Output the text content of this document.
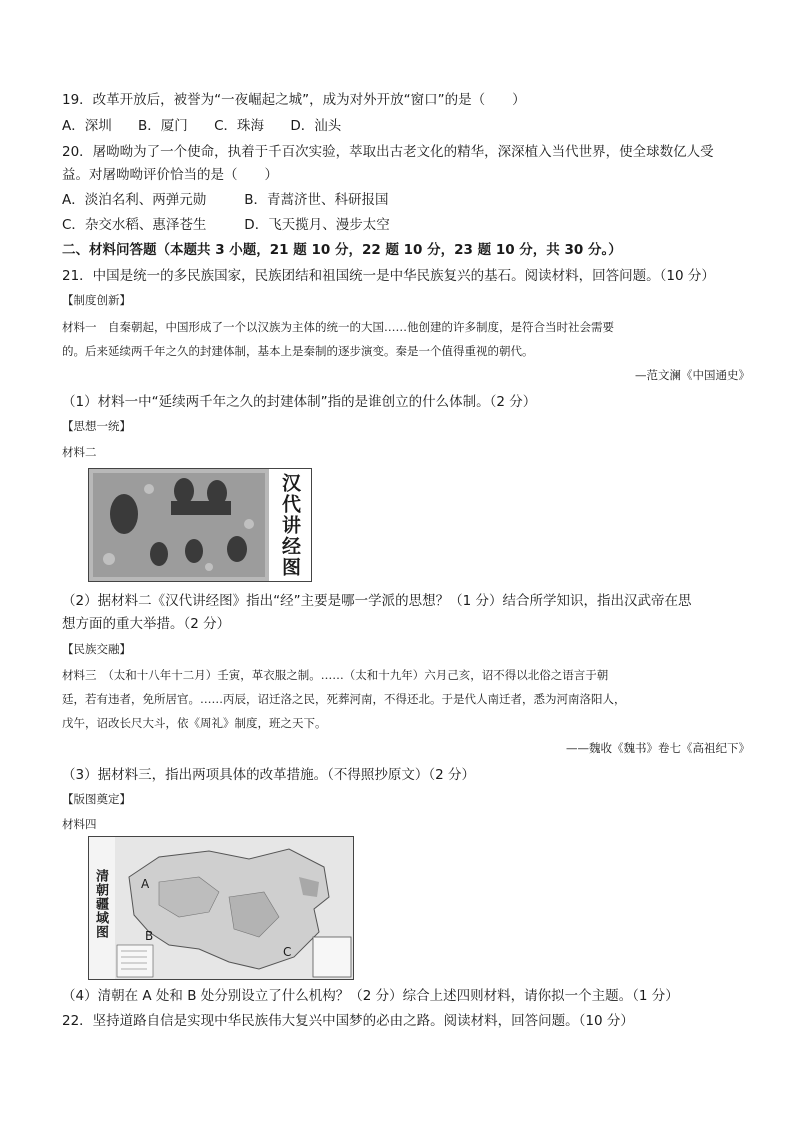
19．改革开放后，被誉为“一夜崛起之城”，成为对外开放“窗口”的是（　　）
A．深圳 B．厦门 C．珠海 D．汕头
20．屠呦呦为了一个使命，执着于千百次实验，萃取出古老文化的精华，深深植入当代世界，使全球数亿人受
益。对屠呦呦评价恰当的是（　　）
A．淡泊名利、两弹元勋	B．青蒿济世、科研报国
C．杂交水稻、惠泽苍生	D．飞天揽月、漫步太空
二、材料问答题（本题共 3 小题，21 题 10 分，22 题 10 分，23 题 10 分，共 30 分。）
21．中国是统一的多民族国家，民族团结和祖国统一是中华民族复兴的基石。阅读材料，回答问题。（10 分）
【制度创新】
材料一　自秦朝起，中国形成了一个以汉族为主体的统一的大国……他创建的许多制度，是符合当时社会需要
的。后来延续两千年之久的封建体制，基本上是秦制的逐步演变。秦是一个值得重视的朝代。
—范文澜《中国通史》
（1）材料一中“延续两千年之久的封建体制”指的是谁创立的什么体制。（2 分）
【思想一统】
材料二
汉代讲经图
（2）据材料二《汉代讲经图》指出“经”主要是哪一学派的思想？（1 分）结合所学知识，指出汉武帝在思
想方面的重大举措。（2 分）
【民族交融】
材料三　（太和十八年十二月）壬寅，革衣服之制。……（太和十九年）六月己亥，诏不得以北俗之语言于朝
廷，若有违者，免所居官。……丙辰，诏迁洛之民，死葬河南，不得还北。于是代人南迁者，悉为河南洛阳人，
戊午，诏改长尺大斗，依《周礼》制度，班之天下。
——魏收《魏书》卷七《高祖纪下》
（3）据材料三，指出两项具体的改革措施。（不得照抄原文）（2 分）
【版图奠定】
材料四
清朝疆域图	A
B
C
（4）清朝在 A 处和 B 处分别设立了什么机构？（2 分）综合上述四则材料，请你拟一个主题。（1 分）
22．坚持道路自信是实现中华民族伟大复兴中国梦的必由之路。阅读材料，回答问题。（10 分）
